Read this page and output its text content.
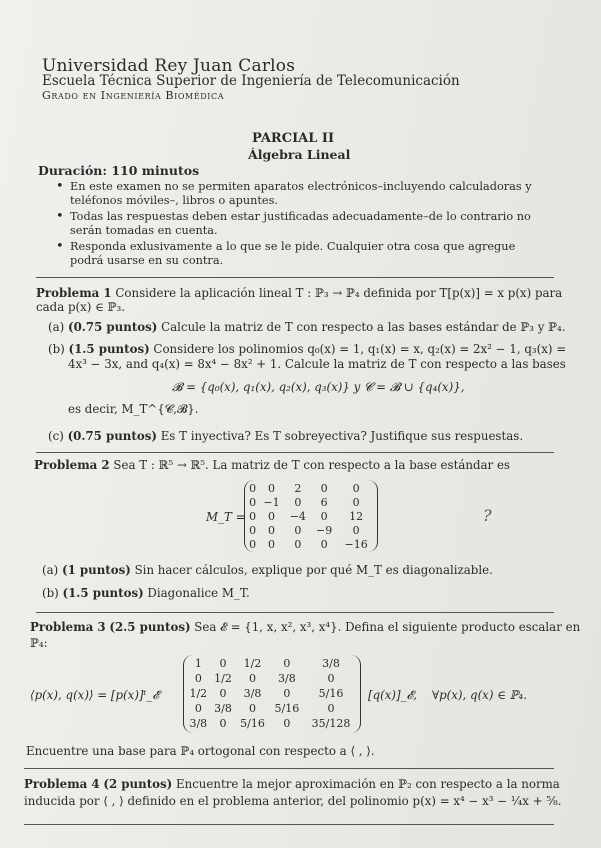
Universidad Rey Juan Carlos
Escuela Técnica Superior de Ingeniería de Telecomunicación
Grado en Ingeniería Biomédica
PARCIAL II
Álgebra Lineal
Duración: 110 minutos
• En este examen no se permiten aparatos electrónicos–incluyendo calculadoras y teléfonos móviles–, libros o apuntes.
• Todas las respuestas deben estar justificadas adecuadamente–de lo contrario no serán tomadas en cuenta.
• Responda exlusivamente a lo que se le pide. Cualquier otra cosa que agregue podrá usarse en su contra.
Problema 1 Considere la aplicación lineal T : ℙ₃ → ℙ₄ definida por T[p(x)] = x p(x) para
cada p(x) ∈ ℙ₃.
(a) (0.75 puntos) Calcule la matriz de T con respecto a las bases estándar de ℙ₃ y ℙ₄.
(b) (1.5 puntos) Considere los polinomios q₀(x) = 1, q₁(x) = x, q₂(x) = 2x² − 1, q₃(x) =
4x³ − 3x, and q₄(x) = 8x⁴ − 8x² + 1. Calcule la matriz de T con respecto a las bases
𝓑 = {q₀(x), q₁(x), q₂(x), q₃(x)} y 𝓒 = 𝓑 ∪ {q₄(x)},
es decir, M_T^{𝓒,𝓑}.
(c) (0.75 puntos) Es T inyectiva? Es T sobreyectiva? Justifique sus respuestas.
Problema 2 Sea T : ℝ⁵ → ℝ⁵. La matriz de T con respecto a la base estándar es
M_T =
0	0	2	0	0
0	−1	0	6	0
0	0	−4	0	12
0	0	0	−9	0
0	0	0	0	−16
?
(a) (1 puntos) Sin hacer cálculos, explique por qué M_T es diagonalizable.
(b) (1.5 puntos) Diagonalice M_T.
Problema 3 (2.5 puntos) Sea 𝓔 = {1, x, x², x³, x⁴}. Defina el siguiente producto escalar en
ℙ₄:
⟨p(x), q(x)⟩ = [p(x)]ᵗ_𝓔
1	0	1/2	0	3/8
0	1/2	0	3/8	0
1/2	0	3/8	0	5/16
0	3/8	0	5/16	0
3/8	0	5/16	0	35/128
[q(x)]_𝓔, ∀p(x), q(x) ∈ ℙ₄.
Encuentre una base para ℙ₄ ortogonal con respecto a ⟨ , ⟩.
Problema 4 (2 puntos) Encuentre la mejor aproximación en ℙ₂ con respecto a la norma
inducida por ⟨ , ⟩ definido en el problema anterior, del polinomio p(x) = x⁴ − x³ − ¼x + ⅝.
